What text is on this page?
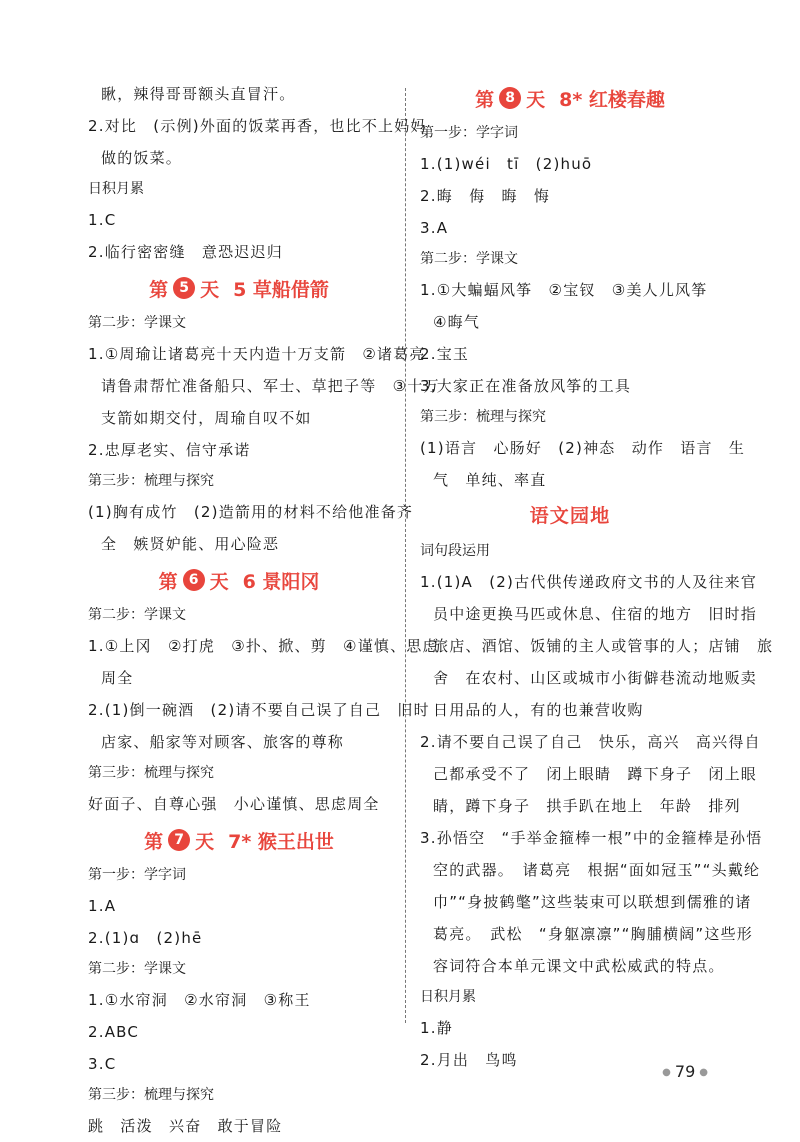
瞅，辣得哥哥额头直冒汗。
2.对比　(示例)外面的饭菜再香，也比不上妈妈
做的饭菜。
日积月累
1.C
2.临行密密缝　意恐迟迟归
第 5 天 5 草船借箭
第二步：学课文
1.①周瑜让诸葛亮十天内造十万支箭　②诸葛亮
请鲁肃帮忙准备船只、军士、草把子等　③十万
支箭如期交付，周瑜自叹不如
2.忠厚老实、信守承诺
第三步：梳理与探究
(1)胸有成竹　(2)造箭用的材料不给他准备齐
全　嫉贤妒能、用心险恶
第 6 天 6 景阳冈
第二步：学课文
1.①上冈　②打虎　③扑、掀、剪　④谨慎、思虑
周全
2.(1)倒一碗酒　(2)请不要自己误了自己　旧时
店家、船家等对顾客、旅客的尊称
第三步：梳理与探究
好面子、自尊心强　小心谨慎、思虑周全
第 7 天 7* 猴王出世
第一步：学字词
1.A
2.(1)ɑ　(2)hē
第二步：学课文
1.①水帘洞　②水帘洞　③称王
2.ABC
3.C
第三步：梳理与探究
跳　活泼　兴奋　敢于冒险
第 8 天 8* 红楼春趣
第一步：学字词
1.(1)wéi　tī　(2)huō
2.晦　侮　晦　悔
3.A
第二步：学课文
1.①大蝙蝠风筝　②宝钗　③美人儿风筝
④晦气
2.宝玉
3.大家正在准备放风筝的工具
第三步：梳理与探究
(1)语言　心肠好　(2)神态　动作　语言　生
气　单纯、率直
语文园地
词句段运用
1.(1)A　(2)古代供传递政府文书的人及往来官
员中途更换马匹或休息、住宿的地方　旧时指
旅店、酒馆、饭铺的主人或管事的人；店铺　旅
舍　在农村、山区或城市小街僻巷流动地贩卖
日用品的人，有的也兼营收购
2.请不要自己误了自己　快乐，高兴　高兴得自
己都承受不了　闭上眼睛　蹲下身子　闭上眼
睛，蹲下身子　拱手趴在地上　年龄　排列
3.孙悟空　“手举金箍棒一根”中的金箍棒是孙悟
空的武器。　诸葛亮　根据“面如冠玉”“头戴纶
巾”“身披鹤氅”这些装束可以联想到儒雅的诸
葛亮。　武松　“身躯凛凛”“胸脯横阔”这些形
容词符合本单元课文中武松威武的特点。
日积月累
1.静
2.月出　鸟鸣
● 79 ●
